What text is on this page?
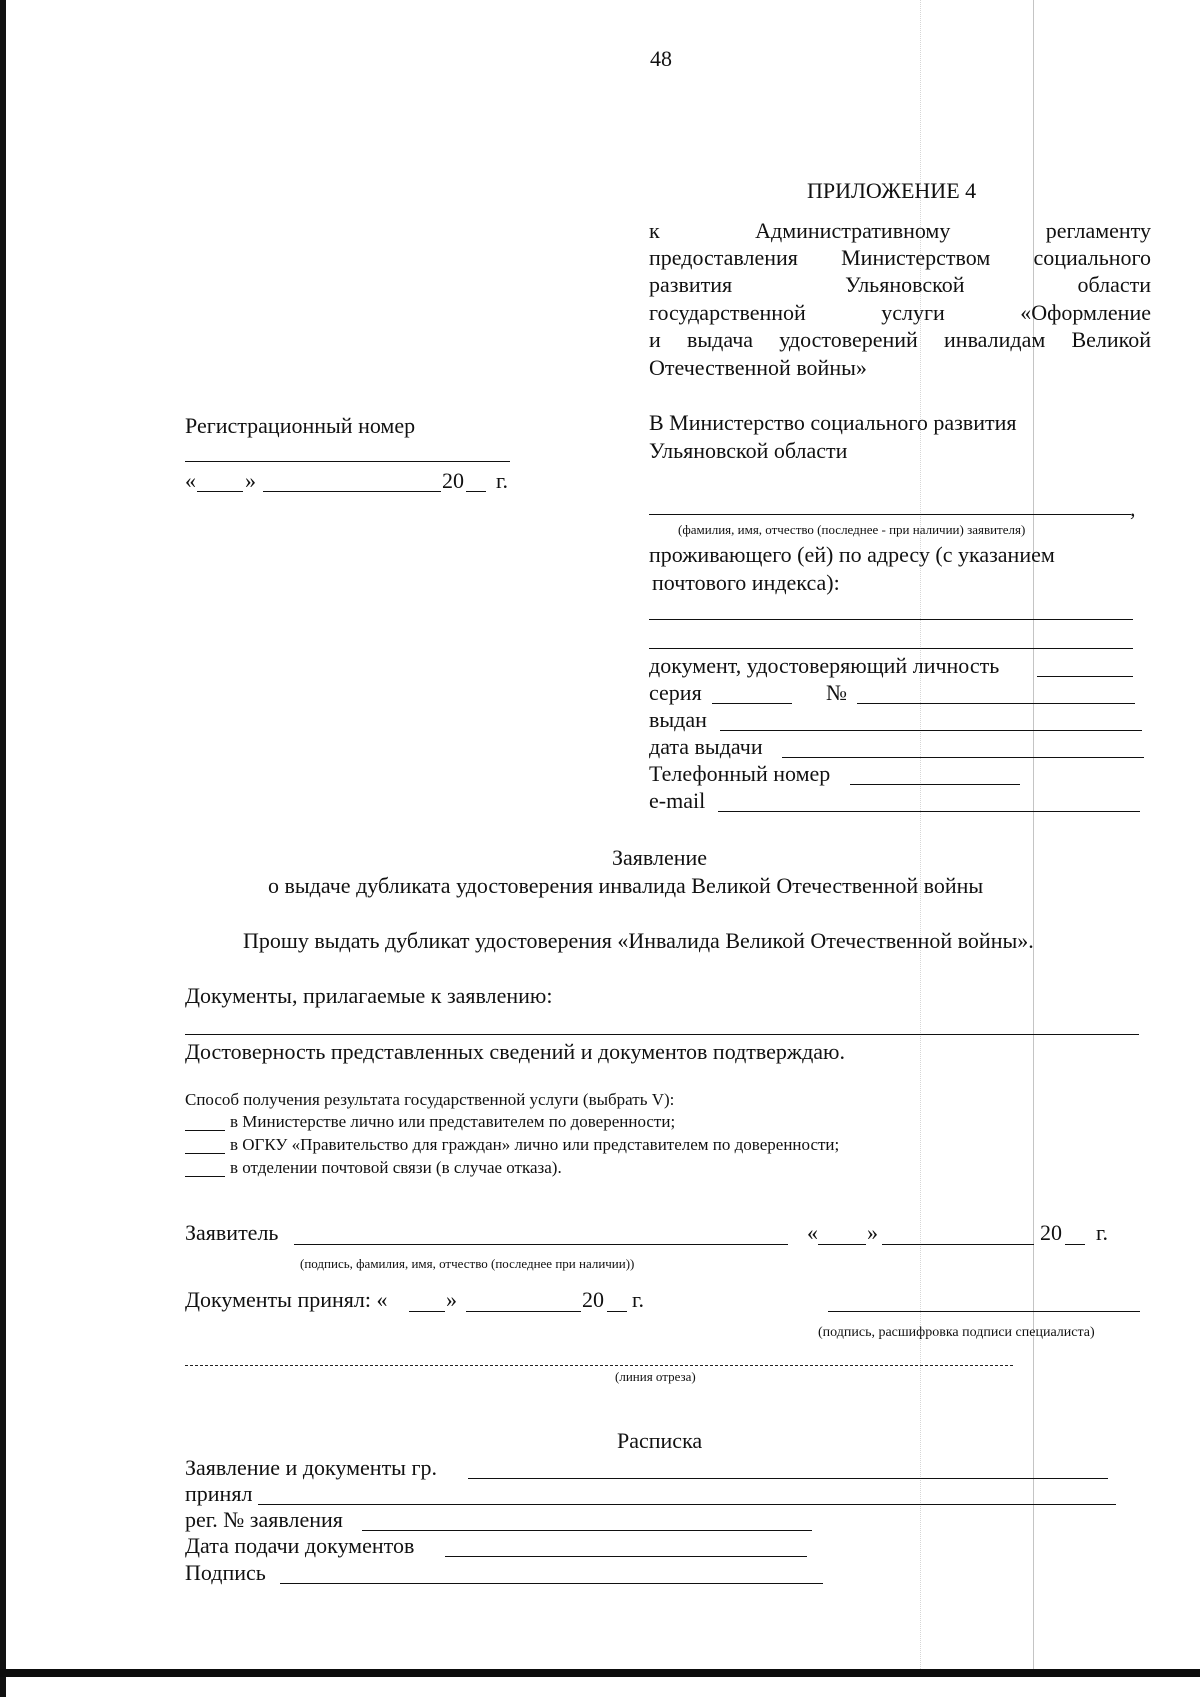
48
ПРИЛОЖЕНИЕ 4
к Административному регламенту
предоставления Министерством социального
развития Ульяновской области
государственной услуги «Оформление
и выдача удостоверений инвалидам Великой
Отечественной войны»
Регистрационный номер
« »	20 г.
В Министерство социального развития
Ульяновской области
,
(фамилия, имя, отчество (последнее - при наличии) заявителя)
проживающего (ей) по адресу (с указанием
почтового индекса):
документ, удостоверяющий личность
серия	№
выдан
дата выдачи
Телефонный номер
e-mail
Заявление
о выдаче дубликата удостоверения инвалида Великой Отечественной войны
Прошу выдать дубликат удостоверения «Инвалида Великой Отечественной войны».
Документы, прилагаемые к заявлению:
Достоверность представленных сведений и документов подтверждаю.
Способ получения результата государственной услуги (выбрать V):
в Министерстве лично или представителем по доверенности;
в ОГКУ «Правительство для граждан» лично или представителем по доверенности;
в отделении почтовой связи (в случае отказа).
Заявитель	« »	20 г.
(подпись, фамилия, имя, отчество (последнее при наличии))
Документы принял: «	»	20 г.
(подпись, расшифровка подписи специалиста)
(линия отреза)
Расписка
Заявление и документы гр.
принял
рег. № заявления
Дата подачи документов
Подпись
